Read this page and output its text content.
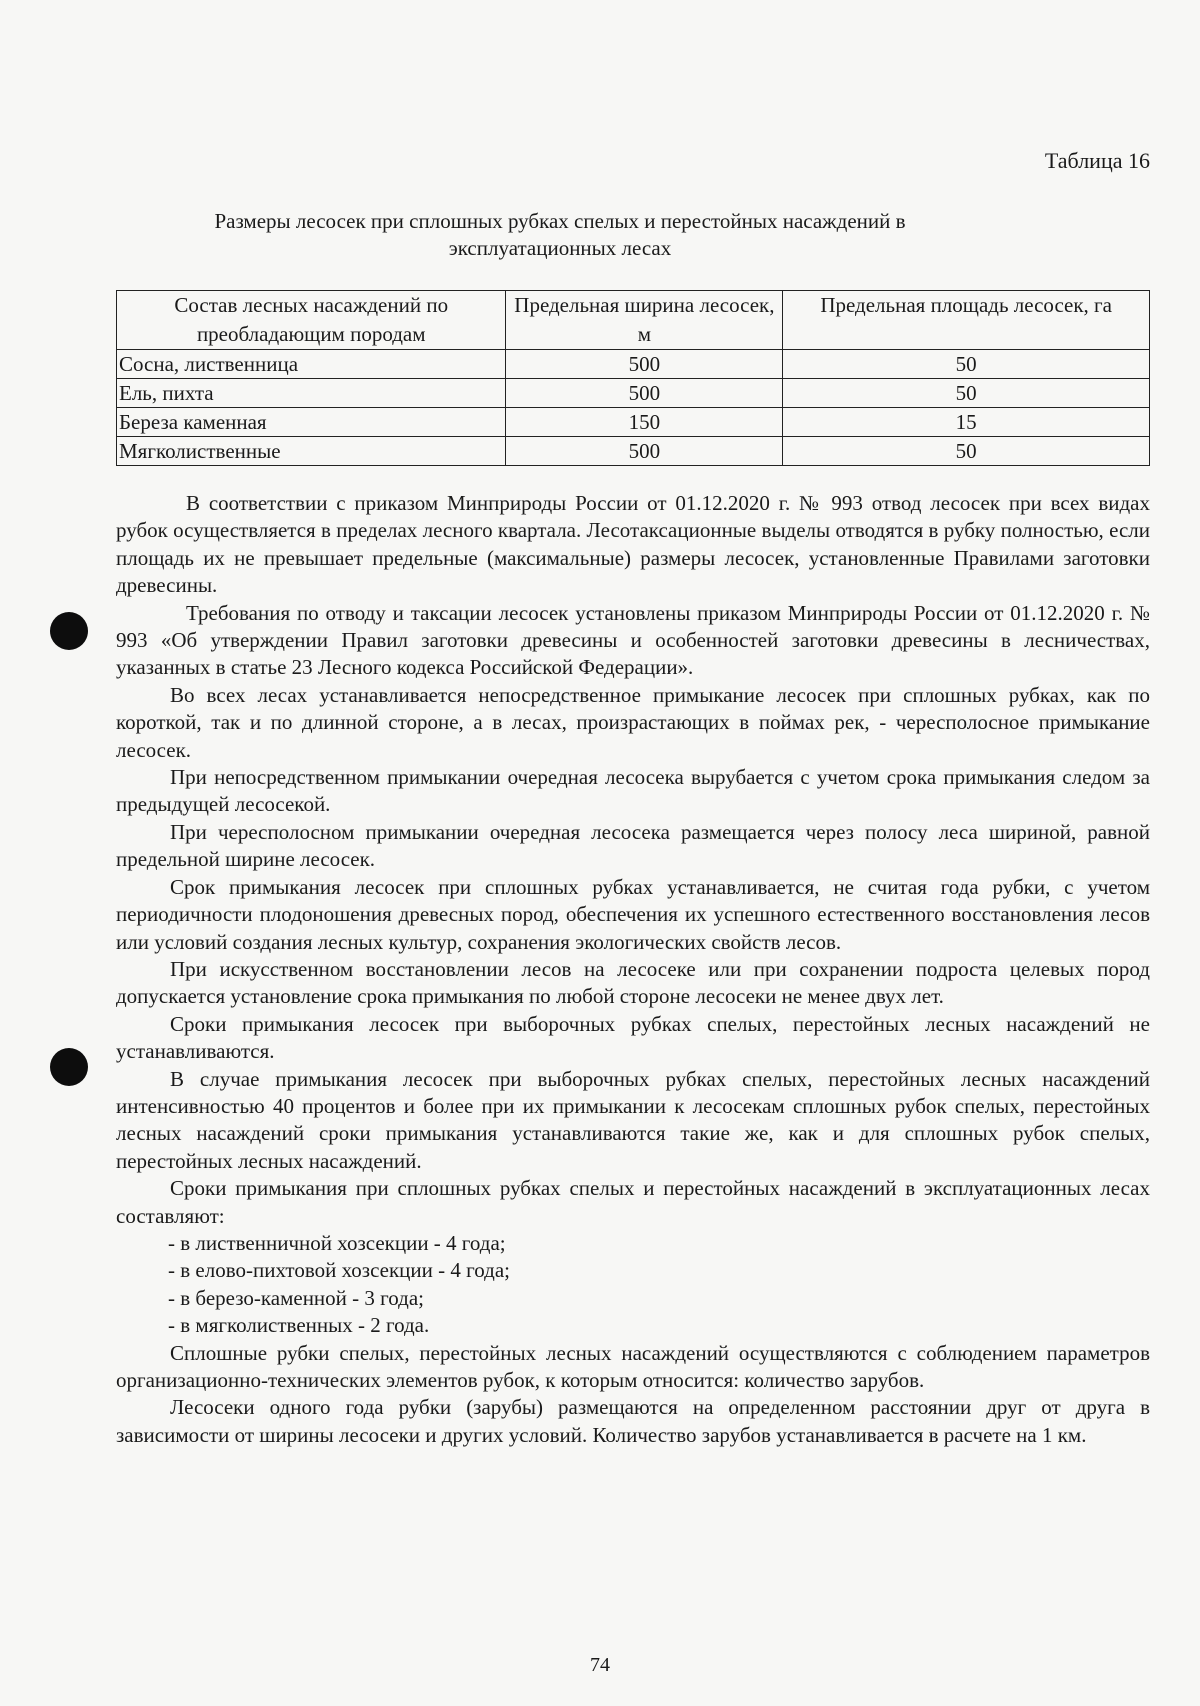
Таблица 16
Размеры лесосек при сплошных рубках спелых и перестойных насаждений в эксплуатационных лесах
Состав лесных насаждений по преобладающим породам	Предельная ширина лесосек, м	Предельная площадь лесосек, га
Сосна, лиственница	500	50
Ель, пихта	500	50
Береза каменная	150	15
Мягколиственные	500	50

В соответствии с приказом Минприроды России от 01.12.2020 г. № 993 отвод лесосек при всех видах рубок осуществляется в пределах лесного квартала. Лесотаксационные выделы отводятся в рубку полностью, если площадь их не превышает предельные (максимальные) размеры лесосек, установленные Правилами заготовки древесины.

Требования по отводу и таксации лесосек установлены приказом Минприроды России от 01.12.2020 г. № 993 «Об утверждении Правил заготовки древесины и особенностей заготовки древесины в лесничествах, указанных в статье 23 Лесного кодекса Российской Федерации».

Во всех лесах устанавливается непосредственное примыкание лесосек при сплошных рубках, как по короткой, так и по длинной стороне, а в лесах, произрастающих в поймах рек, - чересполосное примыкание лесосек.

При непосредственном примыкании очередная лесосека вырубается с учетом срока примыкания следом за предыдущей лесосекой.

При чересполосном примыкании очередная лесосека размещается через полосу леса шириной, равной предельной ширине лесосек.

Срок примыкания лесосек при сплошных рубках устанавливается, не считая года рубки, с учетом периодичности плодоношения древесных пород, обеспечения их успешного естественного восстановления лесов или условий создания лесных культур, сохранения экологических свойств лесов.

При искусственном восстановлении лесов на лесосеке или при сохранении подроста целевых пород допускается установление срока примыкания по любой стороне лесосеки не менее двух лет.

Сроки примыкания лесосек при выборочных рубках спелых, перестойных лесных насаждений не устанавливаются.

В случае примыкания лесосек при выборочных рубках спелых, перестойных лесных насаждений интенсивностью 40 процентов и более при их примыкании к лесосекам сплошных рубок спелых, перестойных лесных насаждений сроки примыкания устанавливаются такие же, как и для сплошных рубок спелых, перестойных лесных насаждений.

Сроки примыкания при сплошных рубках спелых и перестойных насаждений в эксплуатационных лесах составляют:

- в лиственничной хозсекции - 4 года;

- в елово-пихтовой хозсекции - 4 года;

- в березо-каменной - 3 года;

- в мягколиственных - 2 года.

Сплошные рубки спелых, перестойных лесных насаждений осуществляются с соблюдением параметров организационно-технических элементов рубок, к которым относится: количество зарубов.

Лесосеки одного года рубки (зарубы) размещаются на определенном расстоянии друг от друга в зависимости от ширины лесосеки и других условий. Количество зарубов устанавливается в расчете на 1 км.

74
